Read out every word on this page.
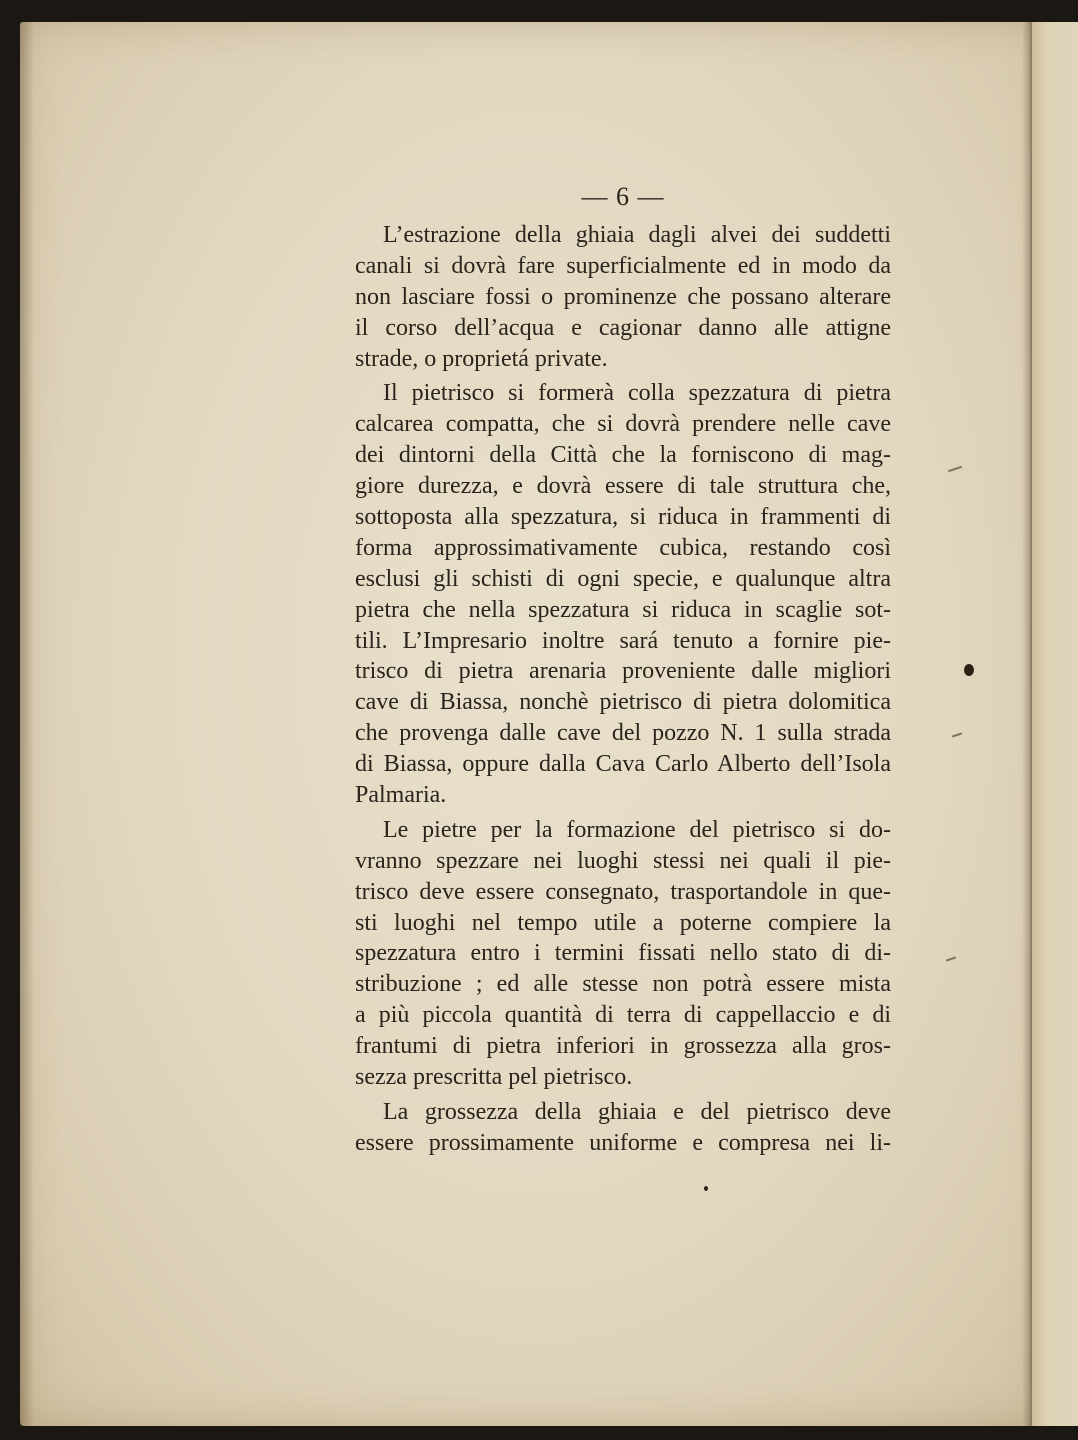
— 6 —
L’estrazione della ghiaia dagli alvei dei suddetti
canali si dovrà fare superficialmente ed in modo da
non lasciare fossi o prominenze che possano alterare
il corso dell’acqua e cagionar danno alle attigne
strade, o proprietá private.
Il pietrisco si formerà colla spezzatura di pietra
calcarea compatta, che si dovrà prendere nelle cave
dei dintorni della Città che la forniscono di mag-
giore durezza, e dovrà essere di tale struttura che,
sottoposta alla spezzatura, si riduca in frammenti di
forma approssimativamente cubica, restando così
esclusi gli schisti di ogni specie, e qualunque altra
pietra che nella spezzatura si riduca in scaglie sot-
tili. L’Impresario inoltre sará tenuto a fornire pie-
trisco di pietra arenaria proveniente dalle migliori
cave di Biassa, nonchè pietrisco di pietra dolomitica
che provenga dalle cave del pozzo N. 1 sulla strada
di Biassa, oppure dalla Cava Carlo Alberto dell’Isola
Palmaria.
Le pietre per la formazione del pietrisco si do-
vranno spezzare nei luoghi stessi nei quali il pie-
trisco deve essere consegnato, trasportandole in que-
sti luoghi nel tempo utile a poterne compiere la
spezzatura entro i termini fissati nello stato di di-
stribuzione ; ed alle stesse non potrà essere mista
a più piccola quantità di terra di cappellaccio e di
frantumi di pietra inferiori in grossezza alla gros-
sezza prescritta pel pietrisco.
La grossezza della ghiaia e del pietrisco deve
essere prossimamente uniforme e compresa nei li-
